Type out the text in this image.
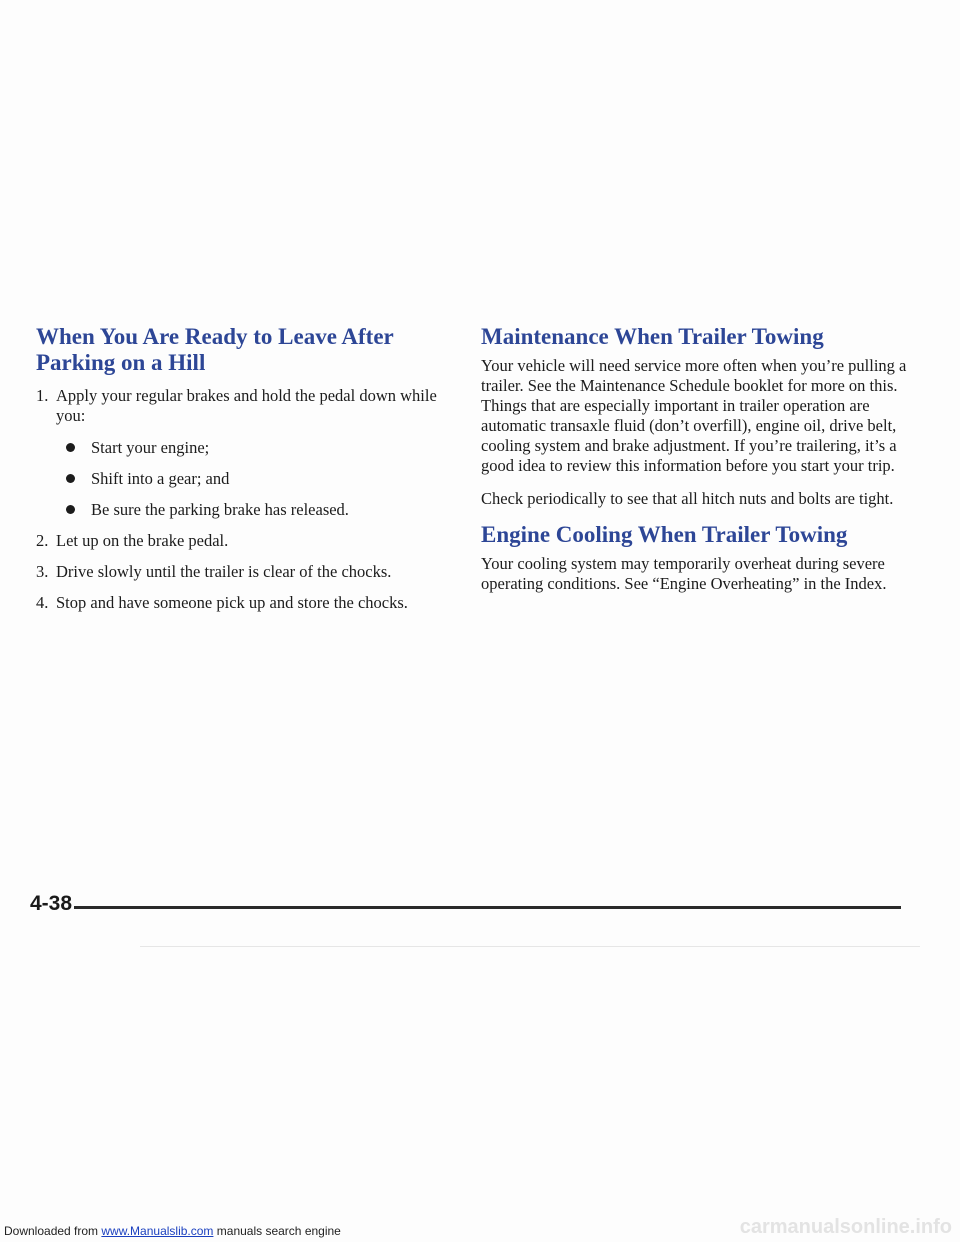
When You Are Ready to Leave After Parking on a Hill
1. Apply your regular brakes and hold the pedal down while you:
Start your engine;
Shift into a gear; and
Be sure the parking brake has released.
2. Let up on the brake pedal.
3. Drive slowly until the trailer is clear of the chocks.
4. Stop and have someone pick up and store the chocks.
Maintenance When Trailer Towing

Your vehicle will need service more often when you’re pulling a trailer. See the Maintenance Schedule booklet for more on this. Things that are especially important in trailer operation are automatic transaxle fluid (don’t overfill), engine oil, drive belt, cooling system and brake adjustment. If you’re trailering, it’s a good idea to review this information before you start your trip.

Check periodically to see that all hitch nuts and bolts are tight.

Engine Cooling When Trailer Towing

Your cooling system may temporarily overheat during severe operating conditions. See “Engine Overheating” in the Index.

4-38
Downloaded from www.Manualslib.com manuals search engine	carmanualsonline.info
